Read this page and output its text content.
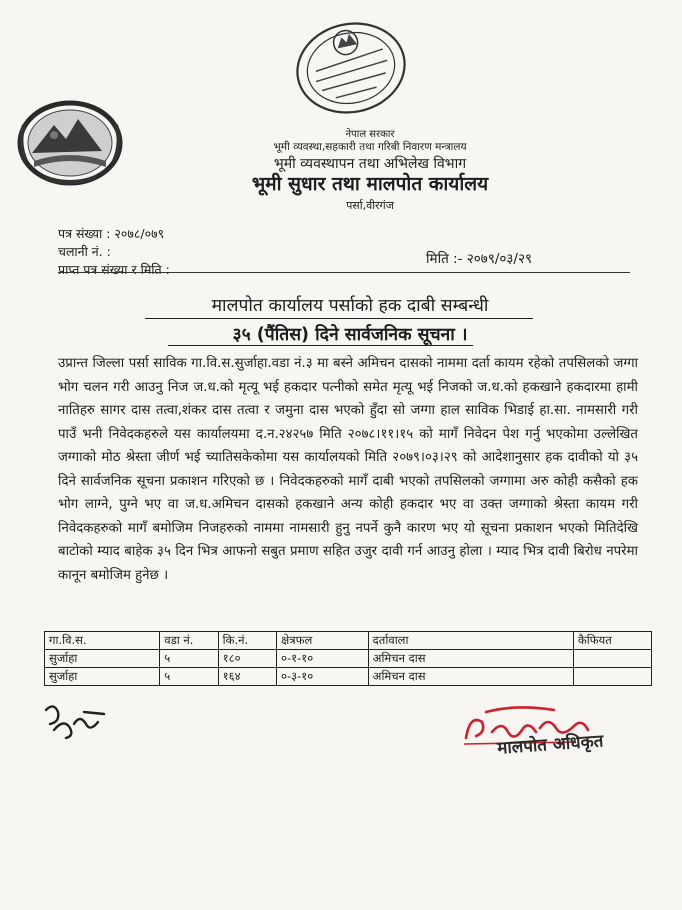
नेपाल सरकार
भूमी व्यवस्था,सहकारी तथा गरिबी निवारण मन्त्रालय
भूमी व्यवस्थापन तथा अभिलेख विभाग
भूमी सुधार तथा मालपोत कार्यालय
पर्सा,वीरगंज
पत्र संख्या : २०७८/०७९
चलानी नं. :
प्राप्त पत्र संख्या र मिति :
मिति :- २०७९/०३/२९
मालपोत कार्यालय पर्साको हक दाबी सम्बन्धी
३५ (पैंतिस) दिने सार्वजनिक सूचना ।
उप्रान्त जिल्ला पर्सा साविक गा.वि.स.सुर्जाहा.वडा नं.३ मा बस्ने अमिचन दासको नाममा दर्ता कायम रहेको तपसिलको जग्गा भोग चलन गरी आउनु निज ज.ध.को मृत्यू भई हकदार पत्नीको समेत मृत्यू भई निजको ज.ध.को हकखाने हकदारमा हामी नातिहरु सागर दास तत्वा,शंकर दास तत्वा र जमुना दास भएको हुँदा सो जग्गा हाल साविक भिडाई हा.सा. नामसारी गरी पाउँ भनी निवेदकहरुले यस कार्यालयमा द.न.२४२५७ मिति २०७८।११।१५ को मागँ निवेदन पेश गर्नु भएकोमा उल्लेखित जग्गाको मोठ श्रेस्ता जीर्ण भई च्यातिसकेकोमा यस कार्यालयको मिति २०७९।०३।२९ को आदेशानुसार हक दावीको यो ३५ दिने सार्वजनिक सूचना प्रकाशन गरिएको छ । निवेदकहरुको मागँ दाबी भएको तपसिलको जग्गामा अरु कोही कसैको हक भोग लाग्ने, पुग्ने भए वा ज.ध.अमिचन दासको हकखाने अन्य कोही हकदार भए वा उक्त जग्गाको श्रेस्ता कायम गरी निवेदकहरुको मागँ बमोजिम निजहरुको नाममा नामसारी हुनु नपर्ने कुनै कारण भए यो सूचना प्रकाशन भएको मितिदेखि बाटोको म्याद बाहेक ३५ दिन भित्र आफनो सबुत प्रमाण सहित उजुर दावी गर्न आउनु होला । म्याद भित्र दावी बिरोध नपरेमा कानून बमोजिम हुनेछ ।
गा.वि.स.	वडा नं.	कि.नं.	क्षेत्रफल	दर्तावाला	कैफियत
सुर्जाहा	५	१८०	०-१-१०	अमिचन दास	
सुर्जाहा	५	१६४	०-३-१०	अमिचन दास	
मालपोत अधिकृत
